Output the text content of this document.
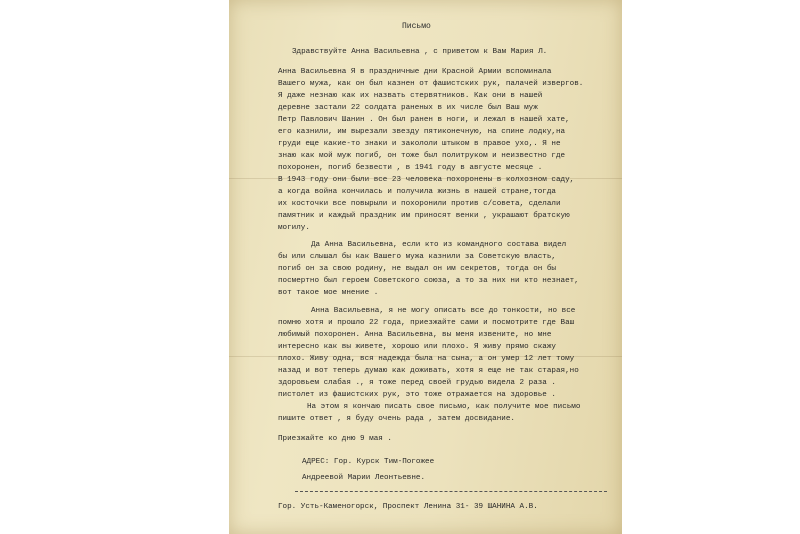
Письмо
Здравствуйте Анна Васильевна , с приветом к Вам Мария Л.
Анна Васильевна Я в праздничные дни Красной Армии вспоминала
Вашего мужа, как он был казнен от фашистских рук, палачей извергов.
Я даже незнаю как их назвать стервятников. Как они в нашей
деревне застали 22 солдата раненых в их числе был Ваш муж
Петр Павлович Шанин . Он был ранен в ноги, и лежал в нашей хате,
его казнили, им вырезали звезду пятиконечную, на спине лодку,на
груди еще какие-то знаки и закололи штыком в правое ухо,. Я не
знаю как мой муж погиб, он тоже был политруком и неизвестно где
похоронен, погиб безвести , в 1941 году в августе месяце .
В 1943 году они были все 23 человека похоронены в колхозном саду,
а когда война кончилась и получила жизнь в нашей стране,тогда
их косточки все повырыли и похоронили против с/совета, сделали
памятник и каждый праздник им приносят венки , украшают братскую
могилу.
Да Анна Васильевна, если кто из командного состава видел
бы или слышал бы как Вашего мужа казнили за Советскую власть,
погиб он за свою родину, не выдал он им секретов, тогда он бы
посмертно был героем Советского союза, а то за них ни кто незнает,
вот такое мое мнение .
Анна Васильевна, я не могу описать все до тонкости, но все
помню хотя и прошло 22 года, приезжайте сами и посмотрите где Ваш
любимый похоронен. Анна Васильевна, вы меня извените, но мне
интересно как вы живете, хорошо или плохо. Я живу прямо скажу
плохо. Живу одна, вся надежда была на сына, а он умер 12 лет тому
назад и вот теперь думаю как доживать, хотя я еще не так старая,но
здоровьем слабая ., я тоже перед своей грудью видела 2 раза .
пистолет из фашистских рук, это тоже отражается на здоровье .
На этом я кончаю писать свое письмо, как получите мое письмо
пишите ответ , я буду очень рада , затем досвидание.
Приезжайте ко дню 9 мая .
АДРЕС: Гор. Курск Тим-Погожее
Андреевой Марии Леонтьевне.
Гор. Усть-Каменогорск, Проспект Ленина 31- 39 ШАНИНА А.В.
